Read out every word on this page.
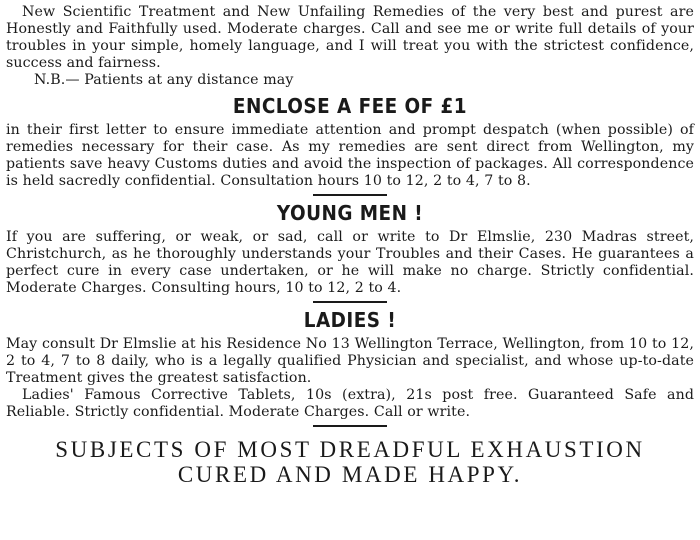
New Scientific Treatment and New Unfailing Remedies of the very best and purest are Honestly and Faithfully used. Moderate charges. Call and see me or write full details of your troubles in your simple, homely language, and I will treat you with the strictest confidence, success and fairness.

N.B.— Patients at any distance may

ENCLOSE A FEE OF £1

in their first letter to ensure immediate attention and prompt despatch (when possible) of remedies necessary for their case. As my remedies are sent direct from Wellington, my patients save heavy Customs duties and avoid the inspection of packages. All correspondence is held sacredly confidential. Consultation hours 10 to 12, 2 to 4, 7 to 8.

YOUNG MEN !

If you are suffering, or weak, or sad, call or write to Dr Elmslie, 230 Madras street, Christchurch, as he thoroughly understands your Troubles and their Cases. He guarantees a perfect cure in every case undertaken, or he will make no charge. Strictly confidential. Moderate Charges. Consulting hours, 10 to 12, 2 to 4.

LADIES !

May consult Dr Elmslie at his Residence No 13 Wellington Terrace, Wellington, from 10 to 12, 2 to 4, 7 to 8 daily, who is a legally qualified Physician and specialist, and whose up-to-date Treatment gives the greatest satisfaction.

Ladies' Famous Corrective Tablets, 10s (extra), 21s post free. Guaranteed Safe and Reliable. Strictly confidential. Moderate Charges. Call or write.

SUBJECTS OF MOST DREADFUL EXHAUSTION
CURED AND MADE HAPPY.
